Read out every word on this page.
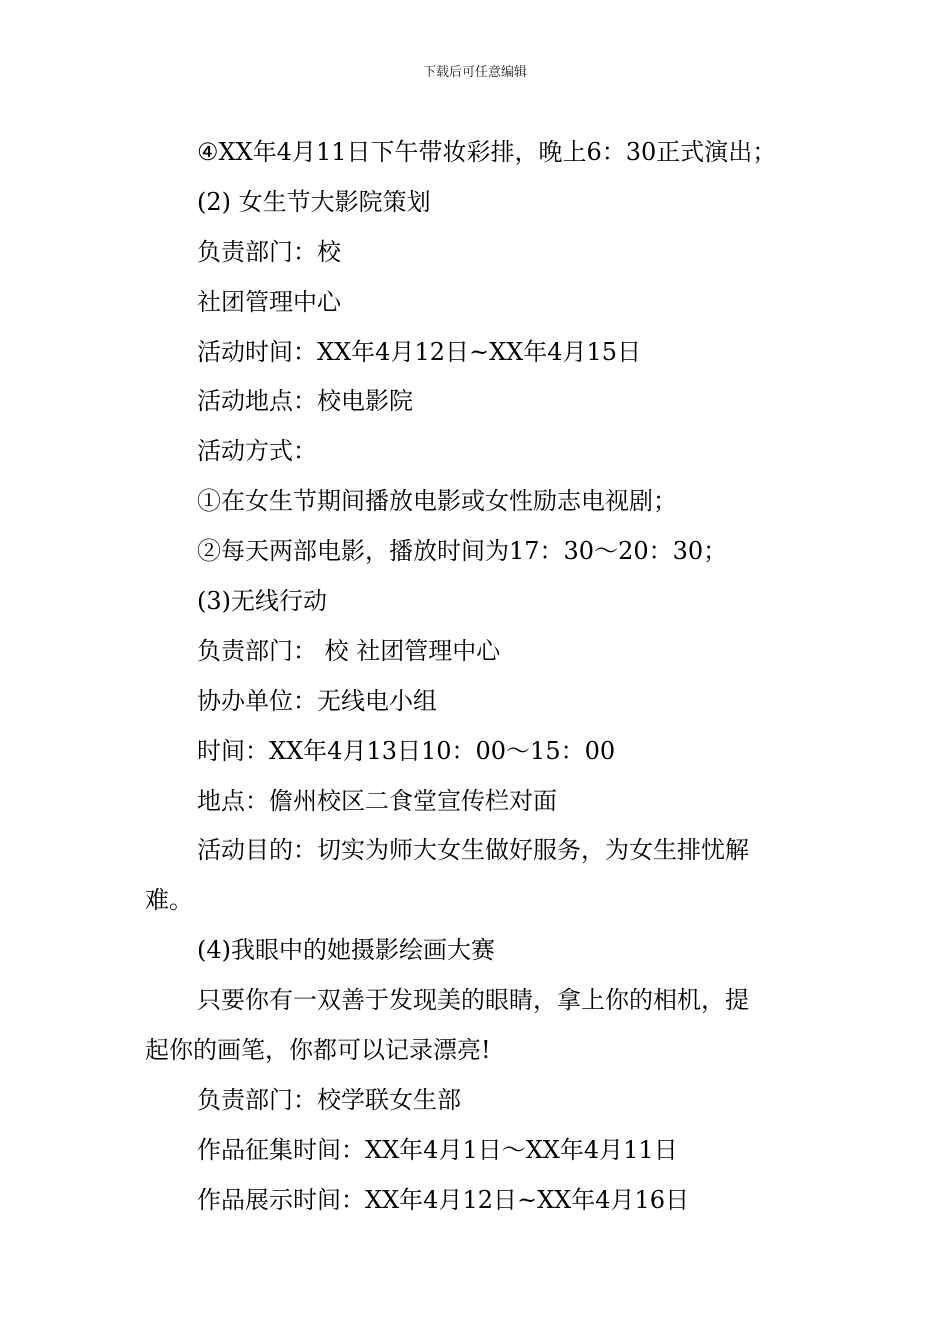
下载后可任意编辑
④XX年4月11日下午带妆彩排，晚上6：30正式演出；
(2) 女生节大影院策划
负责部门：校
社团管理中心
活动时间：XX年4月12日~XX年4月15日
活动地点：校电影院
活动方式：
①在女生节期间播放电影或女性励志电视剧；
②每天两部电影，播放时间为17：30～20：30；
(3)无线行动
负责部门： 校 社团管理中心
协办单位：无线电小组
时间：XX年4月13日10：00～15：00
地点：儋州校区二食堂宣传栏对面
活动目的：切实为师大女生做好服务，为女生排忧解
难。
(4)我眼中的她摄影绘画大赛
只要你有一双善于发现美的眼睛，拿上你的相机，提
起你的画笔，你都可以记录漂亮!
负责部门：校学联女生部
作品征集时间：XX年4月1日～XX年4月11日
作品展示时间：XX年4月12日~XX年4月16日
